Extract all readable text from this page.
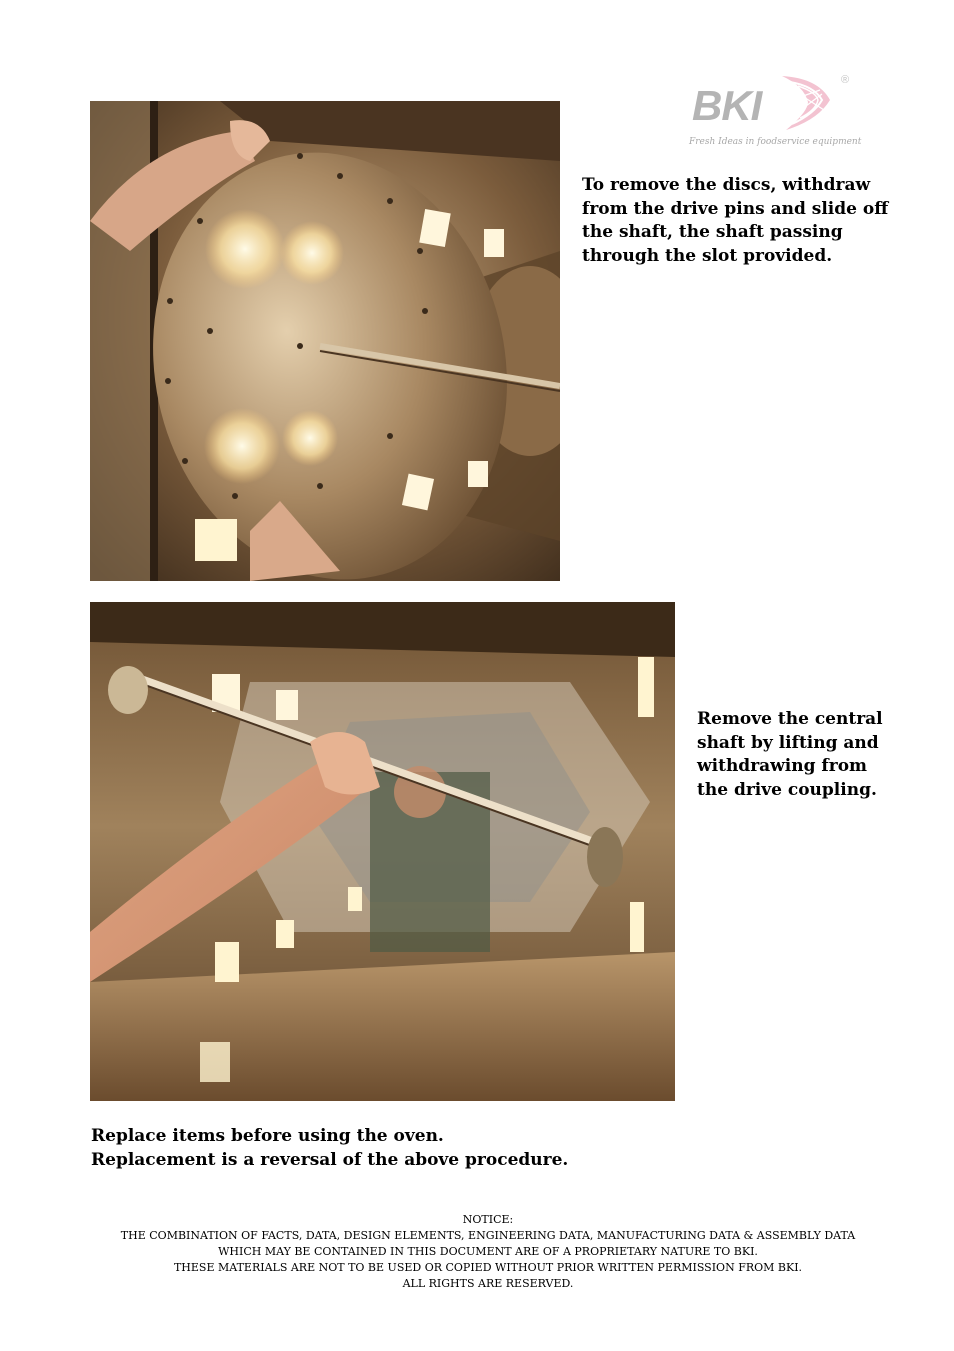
BKI
®
Fresh Ideas in foodservice equipment
To remove the discs, withdraw
from the drive pins and slide off
the shaft, the shaft passing
through the slot provided.
Remove the central
shaft by lifting and
withdrawing from
the drive coupling.
Replace items before using the oven.
Replacement is a reversal of the above procedure.
NOTICE:
THE COMBINATION OF FACTS, DATA, DESIGN ELEMENTS, ENGINEERING DATA, MANUFACTURING DATA & ASSEMBLY DATA
WHICH MAY BE CONTAINED IN THIS DOCUMENT ARE OF A PROPRIETARY NATURE TO BKI.
THESE MATERIALS ARE NOT TO BE USED OR COPIED WITHOUT PRIOR WRITTEN PERMISSION FROM BKI.
ALL RIGHTS ARE RESERVED.
